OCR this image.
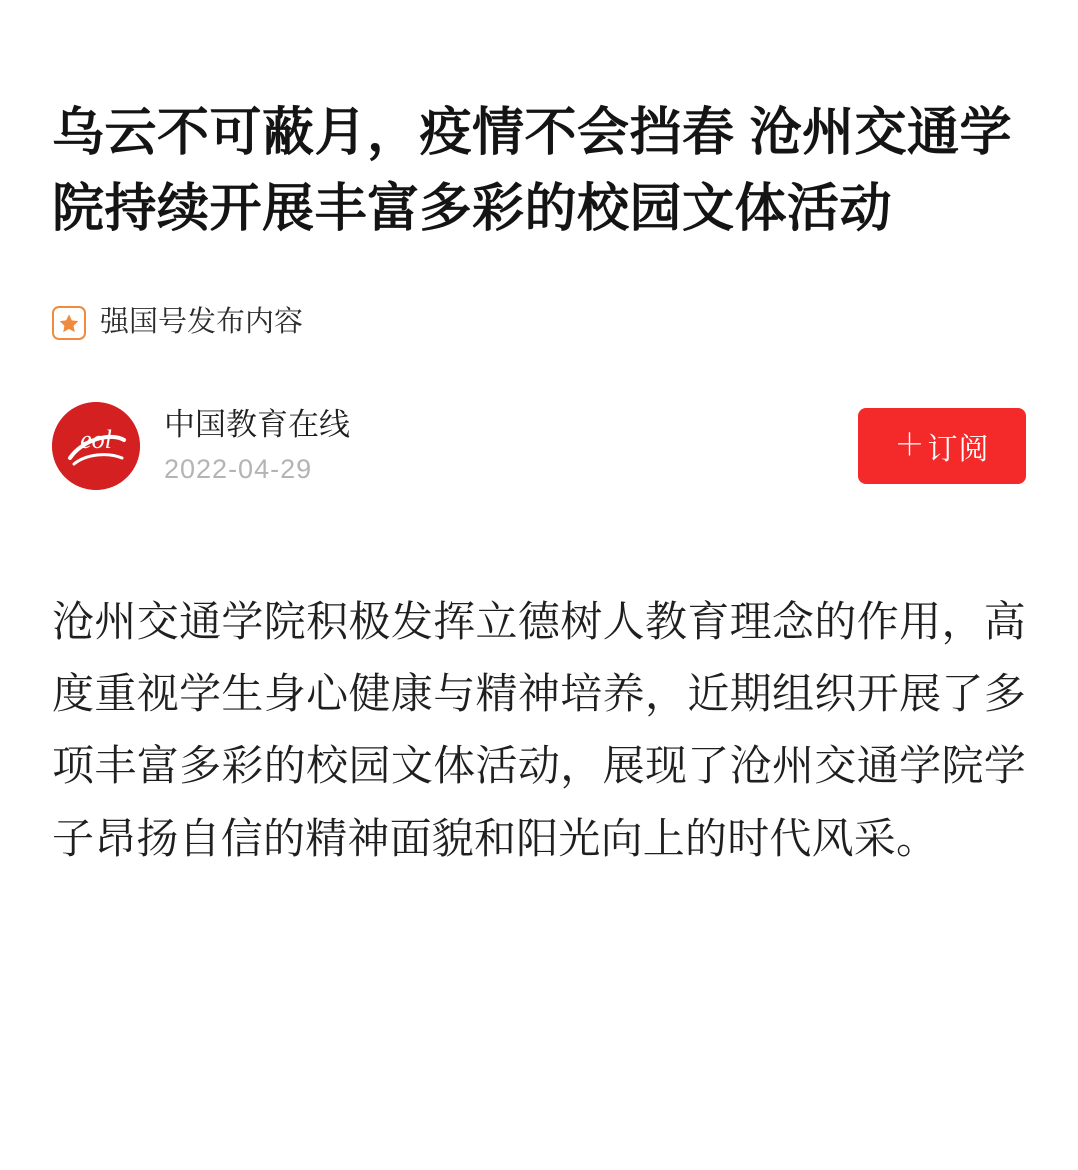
乌云不可蔽月，疫情不会挡春 沧州交通学院持续开展丰富多彩的校园文体活动
强国号发布内容
eol 中国教育在线
2022-04-29
＋ 订阅

沧州交通学院积极发挥立德树人教育理念的作用，高度重视学生身心健康与精神培养，近期组织开展了多项丰富多彩的校园文体活动，展现了沧州交通学院学子昂扬自信的精神面貌和阳光向上的时代风采。
